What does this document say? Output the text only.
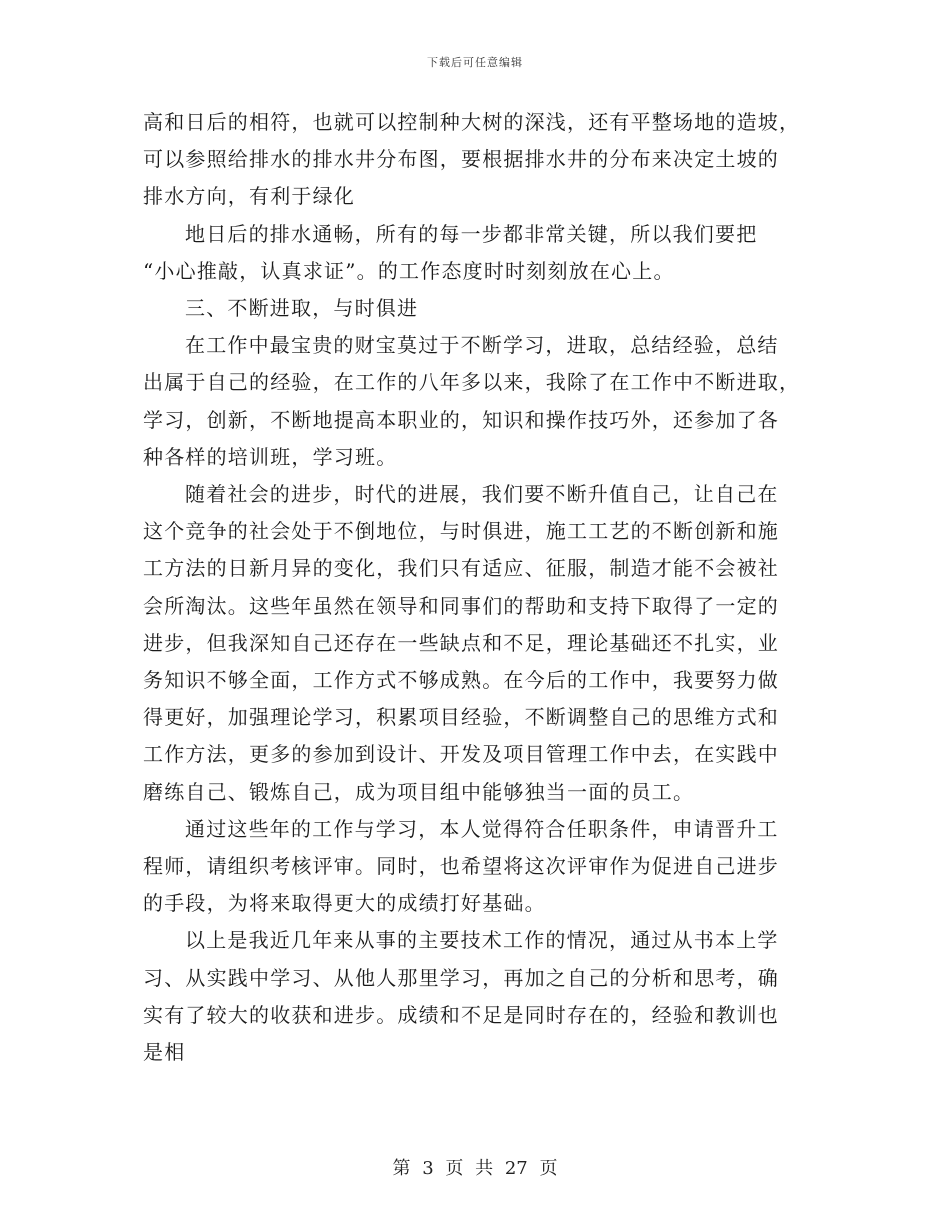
下载后可任意编辑

高和日后的相符，也就可以控制种大树的深浅，还有平整场地的造坡，

可以参照给排水的排水井分布图，要根据排水井的分布来决定土坡的

排水方向，有利于绿化

地日后的排水通畅，所有的每一步都非常关键，所以我们要把

“小心推敲，认真求证”。的工作态度时时刻刻放在心上。

三、不断进取，与时俱进

在工作中最宝贵的财宝莫过于不断学习，进取，总结经验，总结

出属于自己的经验，在工作的八年多以来，我除了在工作中不断进取，

学习，创新，不断地提高本职业的，知识和操作技巧外，还参加了各

种各样的培训班，学习班。

随着社会的进步，时代的进展，我们要不断升值自己，让自己在

这个竞争的社会处于不倒地位，与时俱进，施工工艺的不断创新和施

工方法的日新月异的变化，我们只有适应、征服，制造才能不会被社

会所淘汰。这些年虽然在领导和同事们的帮助和支持下取得了一定的

进步，但我深知自己还存在一些缺点和不足，理论基础还不扎实，业

务知识不够全面，工作方式不够成熟。在今后的工作中，我要努力做

得更好，加强理论学习，积累项目经验，不断调整自己的思维方式和

工作方法，更多的参加到设计、开发及项目管理工作中去，在实践中

磨练自己、锻炼自己，成为项目组中能够独当一面的员工。

通过这些年的工作与学习，本人觉得符合任职条件，申请晋升工

程师，请组织考核评审。同时，也希望将这次评审作为促进自己进步

的手段，为将来取得更大的成绩打好基础。

以上是我近几年来从事的主要技术工作的情况，通过从书本上学

习、从实践中学习、从他人那里学习，再加之自己的分析和思考，确

实有了较大的收获和进步。成绩和不足是同时存在的，经验和教训也

是相

第 3 页 共 27 页
